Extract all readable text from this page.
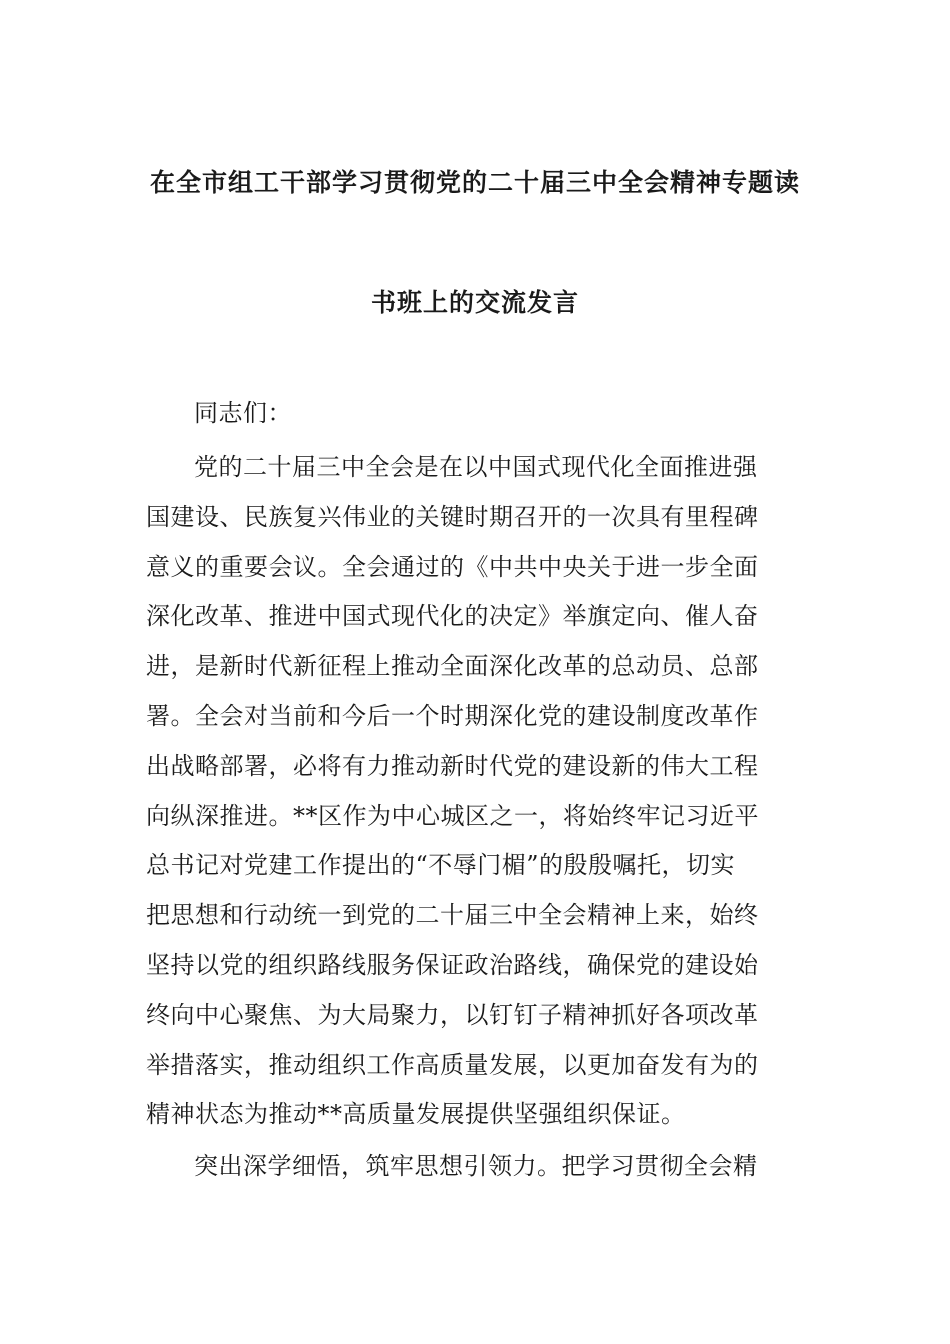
在全市组工干部学习贯彻党的二十届三中全会精神专题读
书班上的交流发言
同志们：
党的二十届三中全会是在以中国式现代化全面推进强
国建设、民族复兴伟业的关键时期召开的一次具有里程碑
意义的重要会议。全会通过的《中共中央关于进一步全面
深化改革、推进中国式现代化的决定》举旗定向、催人奋
进，是新时代新征程上推动全面深化改革的总动员、总部
署。全会对当前和今后一个时期深化党的建设制度改革作
出战略部署，必将有力推动新时代党的建设新的伟大工程
向纵深推进。**区作为中心城区之一，将始终牢记习近平
总书记对党建工作提出的“不辱门楣”的殷殷嘱托，切实
把思想和行动统一到党的二十届三中全会精神上来，始终
坚持以党的组织路线服务保证政治路线，确保党的建设始
终向中心聚焦、为大局聚力，以钉钉子精神抓好各项改革
举措落实，推动组织工作高质量发展，以更加奋发有为的
精神状态为推动**高质量发展提供坚强组织保证。
突出深学细悟，筑牢思想引领力。把学习贯彻全会精
